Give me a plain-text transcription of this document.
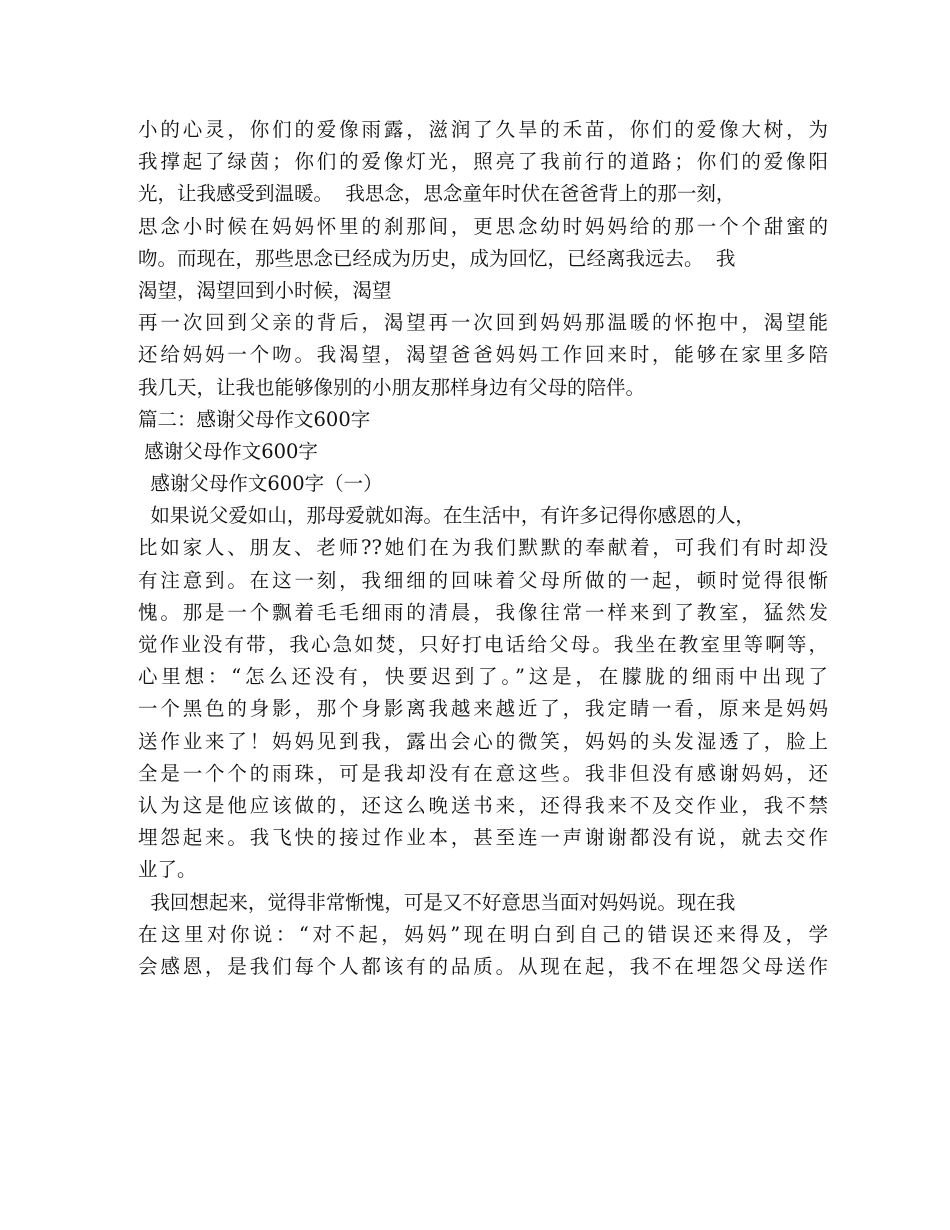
小的心灵，你们的爱像雨露，滋润了久旱的禾苗，你们的爱像大树，为
我撑起了绿茵；你们的爱像灯光，照亮了我前行的道路；你们的爱像阳
光，让我感受到温暖。  我思念，思念童年时伏在爸爸背上的那一刻，
思念小时候在妈妈怀里的刹那间，更思念幼时妈妈给的那一个个甜蜜的
吻。而现在，那些思念已经成为历史，成为回忆，已经离我远去。  我
渴望，渴望回到小时候，渴望
再一次回到父亲的背后，渴望再一次回到妈妈那温暖的怀抱中，渴望能
还给妈妈一个吻。我渴望，渴望爸爸妈妈工作回来时，能够在家里多陪
我几天，让我也能够像别的小朋友那样身边有父母的陪伴。
篇二：感谢父母作文600字
感谢父母作文600字
感谢父母作文600字（一）
如果说父爱如山，那母爱就如海。在生活中，有许多记得你感恩的人，
比如家人、朋友、老师??她们在为我们默默的奉献着，可我们有时却没
有注意到。在这一刻，我细细的回味着父母所做的一起，顿时觉得很惭
愧。那是一个飘着毛毛细雨的清晨，我像往常一样来到了教室，猛然发
觉作业没有带，我心急如焚，只好打电话给父母。我坐在教室里等啊等，
心里想：“怎么还没有，快要迟到了。”这是，在朦胧的细雨中出现了
一个黑色的身影，那个身影离我越来越近了，我定睛一看，原来是妈妈
送作业来了！妈妈见到我，露出会心的微笑，妈妈的头发湿透了，脸上
全是一个个的雨珠，可是我却没有在意这些。我非但没有感谢妈妈，还
认为这是他应该做的，还这么晚送书来，还得我来不及交作业，我不禁
埋怨起来。我飞快的接过作业本，甚至连一声谢谢都没有说，就去交作
业了。
我回想起来，觉得非常惭愧，可是又不好意思当面对妈妈说。现在我
在这里对你说：“对不起，妈妈”现在明白到自己的错误还来得及，学
会感恩，是我们每个人都该有的品质。从现在起，我不在埋怨父母送作
